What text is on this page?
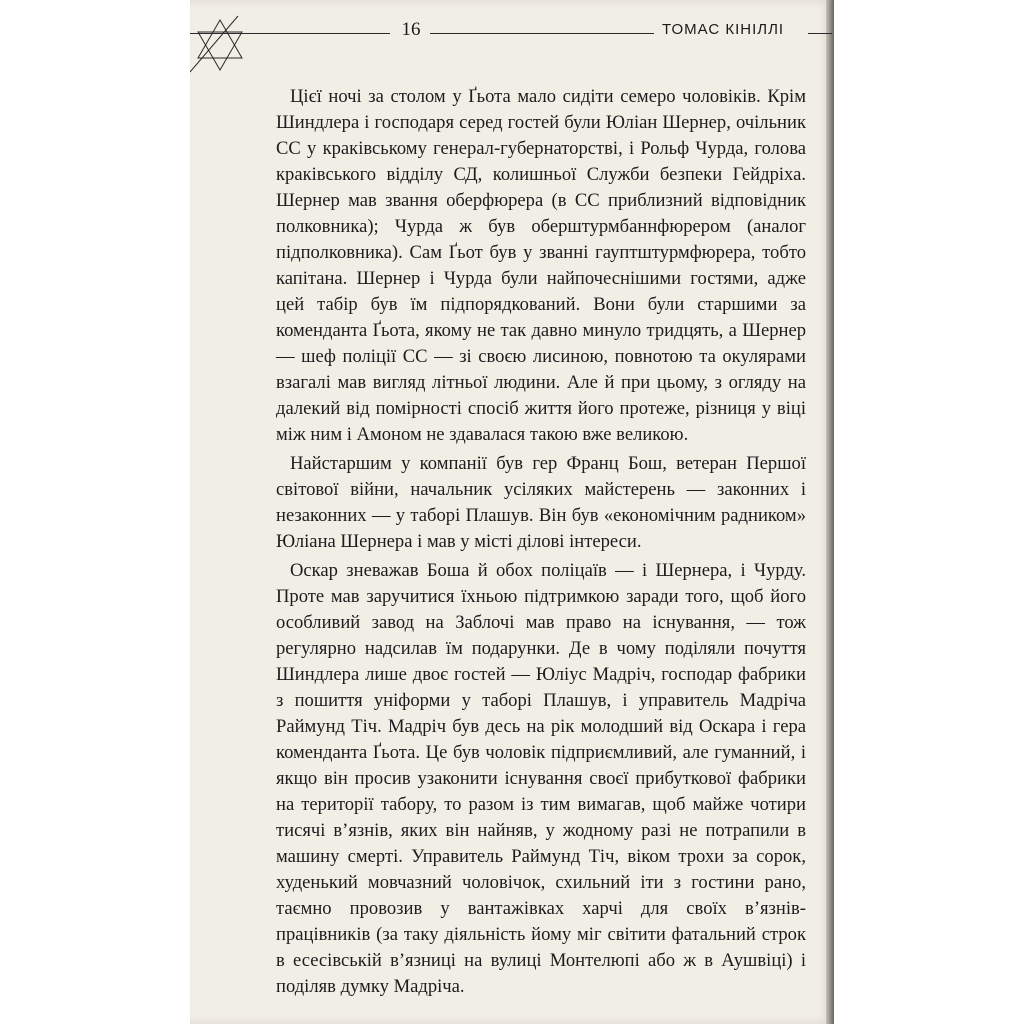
16	ТОМАС КІНІЛЛІ

Цієї ночі за столом у Ґьота мало сидіти семеро чоловіків. Крім Шиндлера і господаря серед гостей були Юліан Шернер, очільник СС у краківському генерал-губернаторстві, і Рольф Чурда, голова краківського відділу СД, колишньої Служби безпеки Гейдріха. Шернер мав звання оберфюрера (в СС приблизний відповідник полковника); Чурда ж був оберштурмбаннфюрером (аналог підполковника). Сам Ґьот був у званні гауптштурмфюрера, тобто капітана. Шернер і Чурда були найпочеснішими гостями, адже цей табір був їм підпорядкований. Вони були старшими за коменданта Ґьота, якому не так давно минуло тридцять, а Шернер — шеф поліції СС — зі своєю лисиною, повнотою та окулярами взагалі мав вигляд літньої людини. Але й при цьому, з огляду на далекий від помірності спосіб життя його протеже, різниця у віці між ним і Амоном не здавалася такою вже великою.

Найстаршим у компанії був гер Франц Бош, ветеран Першої світової війни, начальник усіляких майстерень — законних і незаконних — у таборі Плашув. Він був «економічним радником» Юліана Шернера і мав у місті ділові інтереси.

Оскар зневажав Боша й обох поліцаїв — і Шернера, і Чурду. Проте мав заручитися їхньою підтримкою заради того, щоб його особливий завод на Заблочі мав право на існування, — тож регулярно надсилав їм подарунки. Де в чому поділяли почуття Шиндлера лише двоє гостей — Юліус Мадріч, господар фабрики з пошиття уніформи у таборі Плашув, і управитель Мадріча Раймунд Тіч. Мадріч був десь на рік молодший від Оскара і гера коменданта Ґьота. Це був чоловік підприємливий, але гуманний, і якщо він просив узаконити існування своєї прибуткової фабрики на території табору, то разом із тим вимагав, щоб майже чотири тисячі в’язнів, яких він найняв, у жодному разі не потрапили в машину смерті. Управитель Раймунд Тіч, віком трохи за сорок, худенький мовчазний чоловічок, схильний іти з гостини рано, таємно провозив у вантажівках харчі для своїх в’язнів-працівників (за таку діяльність йому міг світити фатальний строк в есесівській в’язниці на вулиці Монтелюпі або ж в Аушвіці) і поділяв думку Мадріча.
